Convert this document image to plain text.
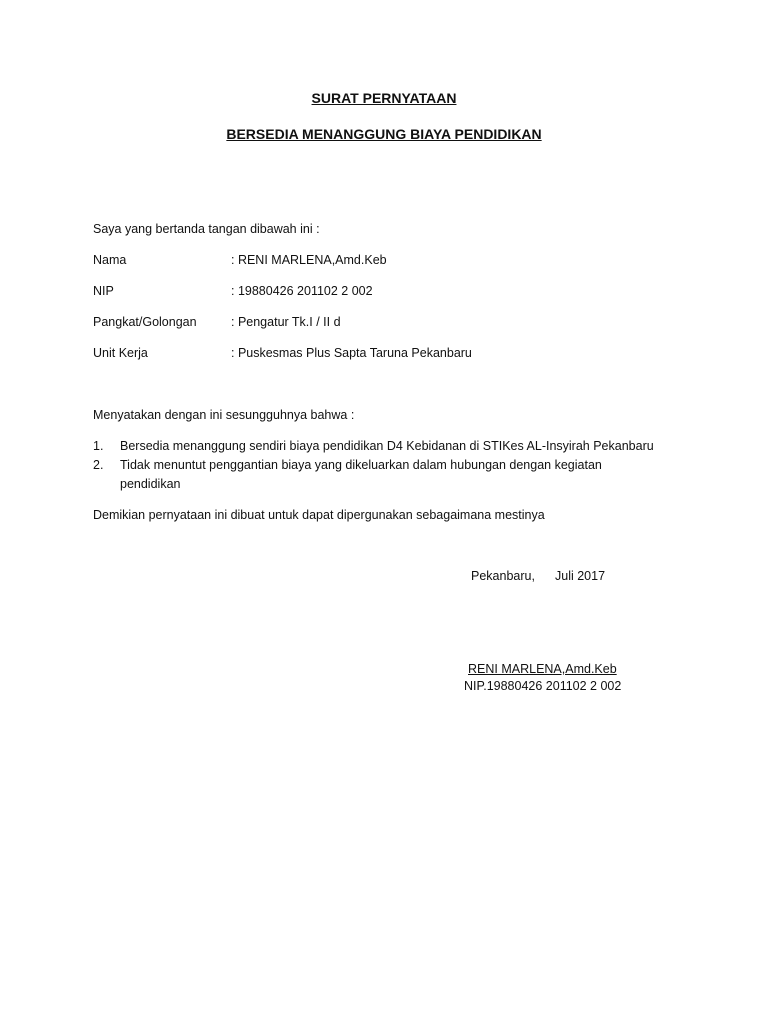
SURAT PERNYATAAN
BERSEDIA MENANGGUNG BIAYA PENDIDIKAN
Saya yang bertanda tangan dibawah ini :
Nama	: RENI MARLENA,Amd.Keb
NIP	: 19880426 201102 2 002
Pangkat/Golongan	: Pengatur Tk.I / II d
Unit Kerja	: Puskesmas Plus Sapta Taruna Pekanbaru
Menyatakan dengan ini sesungguhnya bahwa :
1. Bersedia menanggung sendiri biaya pendidikan D4 Kebidanan di STIKes AL-Insyirah Pekanbaru
2. Tidak menuntut penggantian biaya yang dikeluarkan dalam hubungan dengan kegiatan
pendidikan
Demikian pernyataan ini dibuat untuk dapat dipergunakan sebagaimana mestinya
Pekanbaru, Juli 2017
RENI MARLENA,Amd.Keb
NIP.19880426 201102 2 002
